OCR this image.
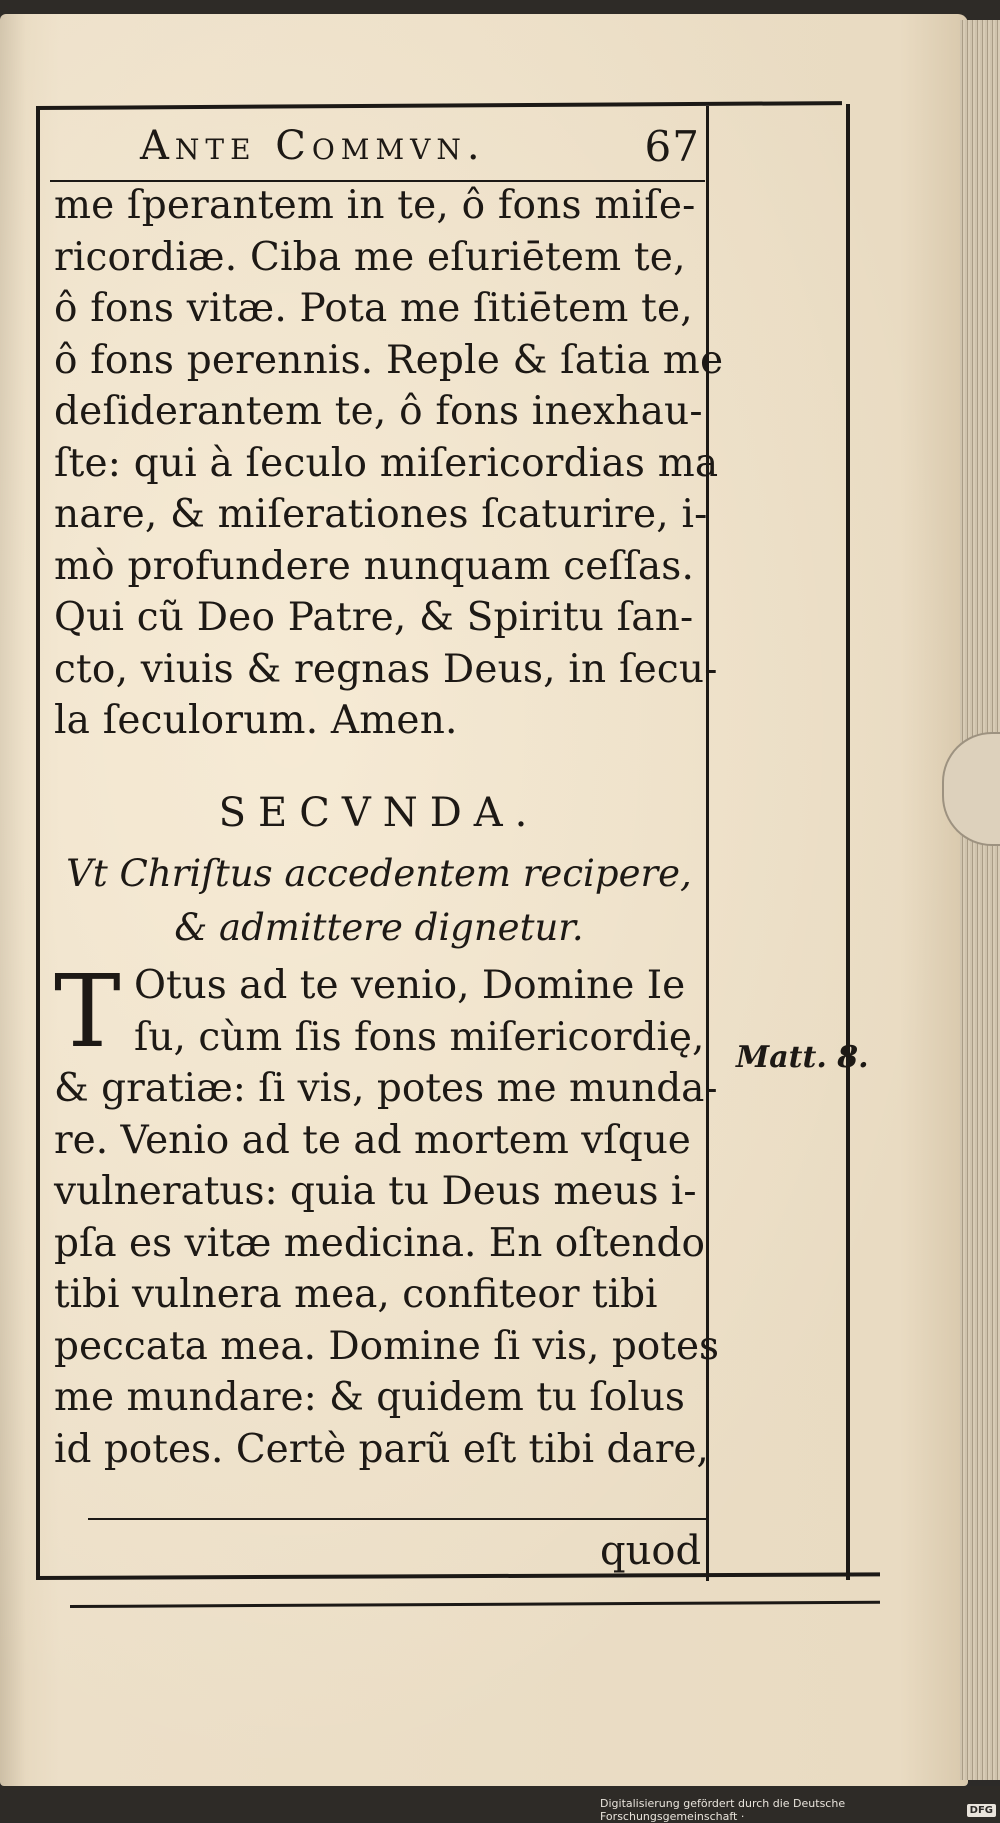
Ante Commvn.	67
me ſperantem in te, ô fons miſe-
ricordiæ. Ciba me eſuriētem te,
ô fons vitæ. Pota me ſitiētem te,
ô fons perennis. Reple & ſatia me
deſiderantem te, ô fons inexhau-
ſte: qui à ſeculo miſericordias ma
nare, & miſerationes ſcaturire, i-
mò profundere nunquam ceſſas.
Qui cũ Deo Patre, & Spiritu ſan-
cto, viuis & regnas Deus, in ſecu-
la ſeculorum. Amen.
SECVNDA.
Vt Chriſtus accedentem recipere,
& admittere dignetur.
T Otus ad te venio, Domine Ie
ſu, cùm ſis fons miſericordię,
& gratiæ: ſi vis, potes me munda-
re. Venio ad te ad mortem vſque
vulneratus: quia tu Deus meus i-
pſa es vitæ medicina. En oſtendo
tibi vulnera mea, confiteor tibi
peccata mea. Domine ſi vis, potes
me mundare: & quidem tu ſolus
id potes. Certè parũ eſt tibi dare,
Matt. 8.
quod
Digitalisierung gefördert durch die Deutsche Forschungsgemeinschaft ·	DFG
